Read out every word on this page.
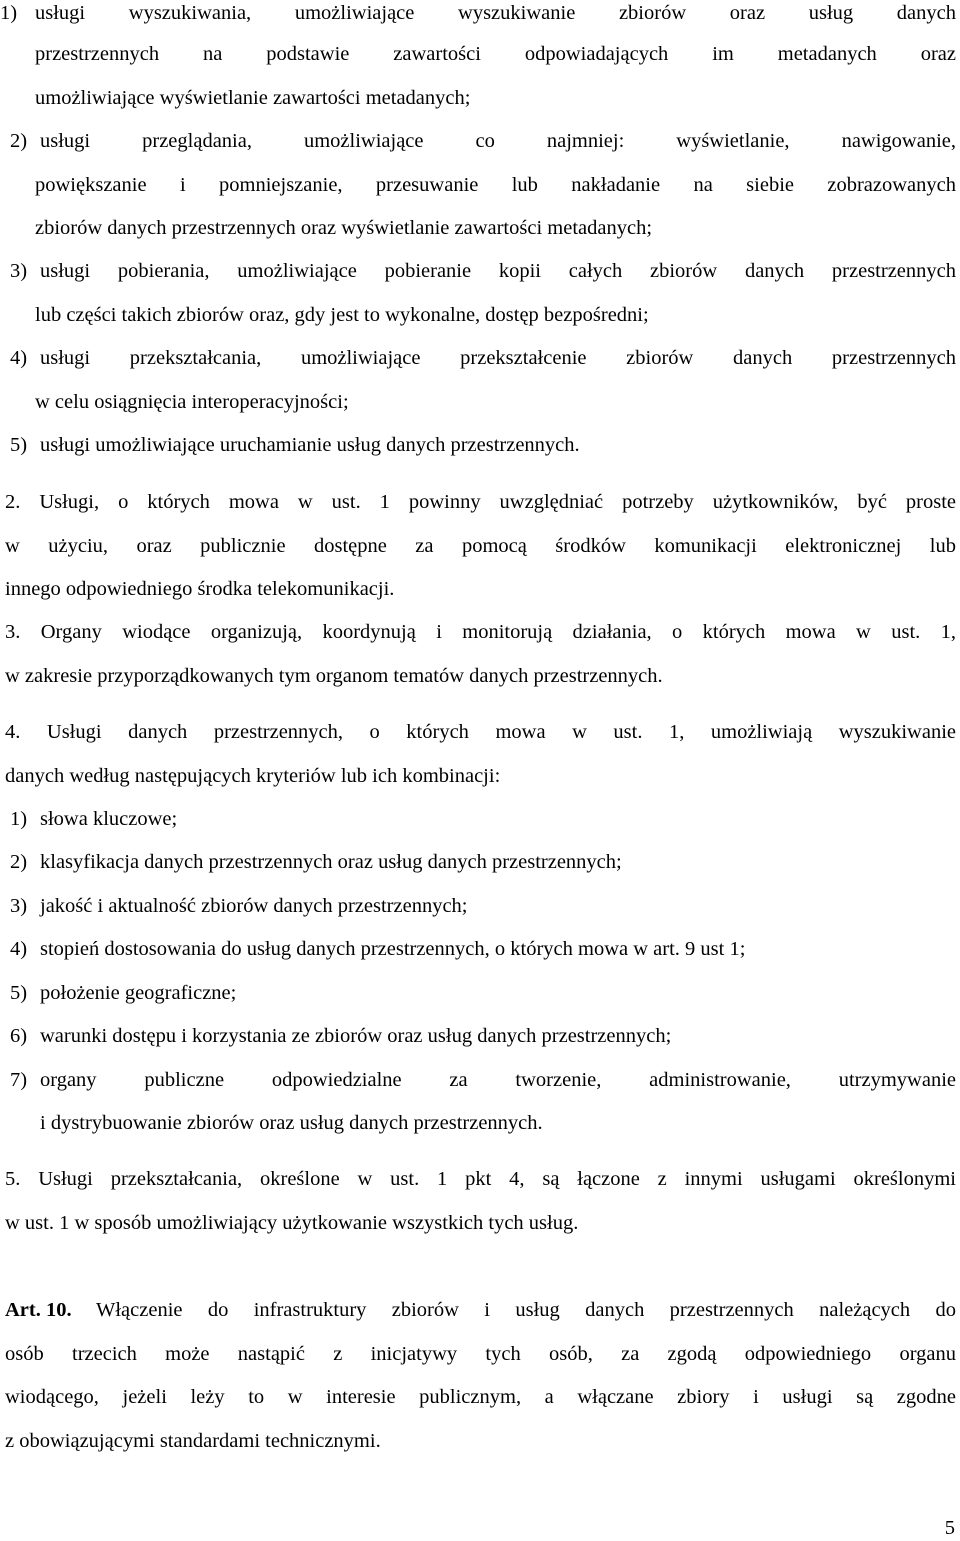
1) usługi wyszukiwania, umożliwiające wyszukiwanie zbiorów oraz usług danych
przestrzennych na podstawie zawartości odpowiadających im metadanych oraz
umożliwiające wyświetlanie zawartości metadanych;
2) usługi przeglądania, umożliwiające co najmniej: wyświetlanie, nawigowanie,
powiększanie i pomniejszanie, przesuwanie lub nakładanie na siebie zobrazowanych
zbiorów danych przestrzennych oraz wyświetlanie zawartości metadanych;
3) usługi pobierania, umożliwiające pobieranie kopii całych zbiorów danych przestrzennych
lub części takich zbiorów oraz, gdy jest to wykonalne, dostęp bezpośredni;
4) usługi przekształcania, umożliwiające przekształcenie zbiorów danych przestrzennych
w celu osiągnięcia interoperacyjności;
5) usługi umożliwiające uruchamianie usług danych przestrzennych.
2. Usługi, o których mowa w ust. 1 powinny uwzględniać potrzeby użytkowników, być proste
w użyciu, oraz publicznie dostępne za pomocą środków komunikacji elektronicznej lub
innego odpowiedniego środka telekomunikacji.
3. Organy wiodące organizują, koordynują i monitorują działania, o których mowa w ust. 1,
w zakresie przyporządkowanych tym organom tematów danych przestrzennych.
4. Usługi danych przestrzennych, o których mowa w ust. 1, umożliwiają wyszukiwanie
danych według następujących kryteriów lub ich kombinacji:
1) słowa kluczowe;
2) klasyfikacja danych przestrzennych oraz usług danych przestrzennych;
3) jakość i aktualność zbiorów danych przestrzennych;
4) stopień dostosowania do usług danych przestrzennych, o których mowa w art. 9 ust 1;
5) położenie geograficzne;
6) warunki dostępu i korzystania ze zbiorów oraz usług danych przestrzennych;
7) organy publiczne odpowiedzialne za tworzenie, administrowanie, utrzymywanie
i dystrybuowanie zbiorów oraz usług danych przestrzennych.
5. Usługi przekształcania, określone w ust. 1 pkt 4, są łączone z innymi usługami określonymi
w ust. 1 w sposób umożliwiający użytkowanie wszystkich tych usług.
Art. 10. Włączenie do infrastruktury zbiorów i usług danych przestrzennych należących do
osób trzecich może nastąpić z inicjatywy tych osób, za zgodą odpowiedniego organu
wiodącego, jeżeli leży to w interesie publicznym, a włączane zbiory i usługi są zgodne
z obowiązującymi standardami technicznymi.
5
